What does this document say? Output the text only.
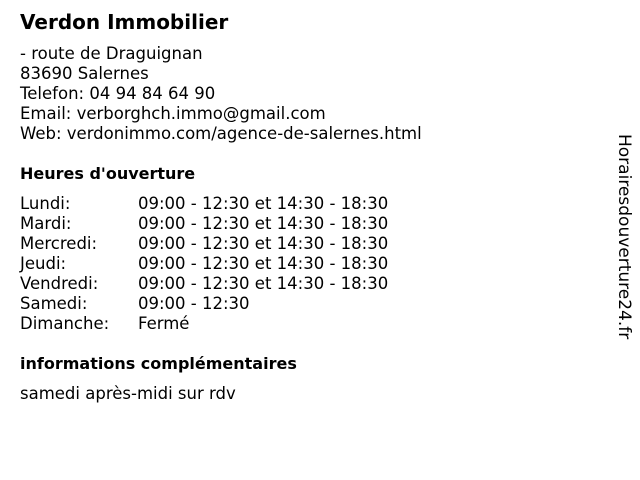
Verdon Immobilier
- route de Draguignan
83690 Salernes
Telefon: 04 94 84 64 90
Email: verborghch.immo@gmail.com
Web: verdonimmo.com/agence-de-salernes.html
Heures d'ouverture
Lundi:	09:00 - 12:30 et 14:30 - 18:30
Mardi:	09:00 - 12:30 et 14:30 - 18:30
Mercredi:	09:00 - 12:30 et 14:30 - 18:30
Jeudi:	09:00 - 12:30 et 14:30 - 18:30
Vendredi:	09:00 - 12:30 et 14:30 - 18:30
Samedi:	09:00 - 12:30
Dimanche:	Fermé
informations complémentaires
samedi après-midi sur rdv
Horairesdouverture24.fr
